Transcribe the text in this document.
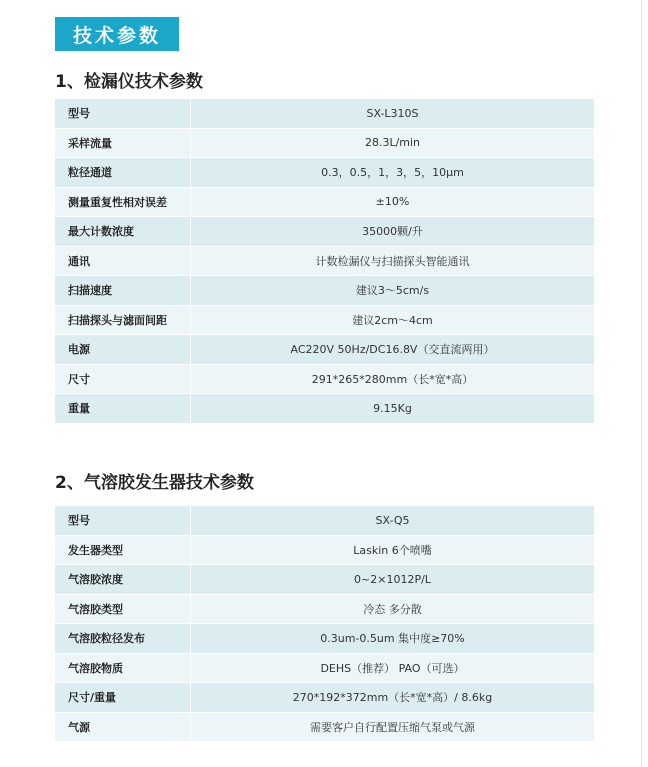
技术参数
1、检漏仪技术参数
型号	SX-L310S
采样流量	28.3L/min
粒径通道	0.3，0.5，1，3，5，10μm
测量重复性相对误差	±10%
最大计数浓度	35000颗/升
通讯	计数检漏仪与扫描探头智能通讯
扫描速度	建议3～5cm/s
扫描探头与滤面间距	建议2cm～4cm
电源	AC220V 50Hz/DC16.8V（交直流两用）
尺寸	291*265*280mm（长*宽*高）
重量	9.15Kg
2、气溶胶发生器技术参数
型号	SX-Q5
发生器类型	Laskin 6个喷嘴
气溶胶浓度	0~2×1012P/L
气溶胶类型	冷态 多分散
气溶胶粒径发布	0.3um-0.5um 集中度≥70%
气溶胶物质	DEHS（推荐） PAO（可选）
尺寸/重量	270*192*372mm（长*宽*高）/ 8.6kg
气源	需要客户自行配置压缩气泵或气源
